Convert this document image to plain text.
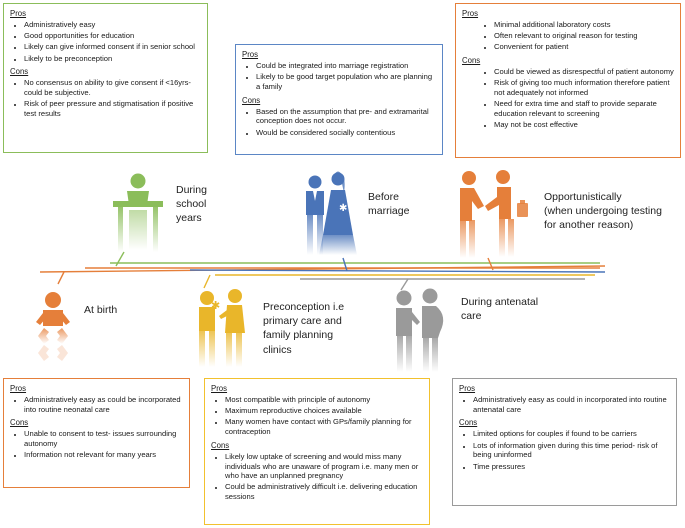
Pros
• Administratively easy
• Good opportunities for education
• Likely can give informed consent if in senior school
• Likely to be preconception
Cons
• No consensus on ability to give consent if <16yrs- could be subjective.
• Risk of peer pressure and stigmatisation if positive test results
Pros
• Could be integrated into marriage registration
• Likely to be good target population who are planning a family
Cons
• Based on the assumption that pre- and extramarital conception does not occur.
• Would be considered socially contentious
Pros
• Minimal additional laboratory costs
• Often relevant to original reason for testing
• Convenient for patient
Cons
• Could be viewed as disrespectful of patient autonomy
• Risk of giving too much information therefore patient not adequately not informed
• Need for extra time and staff to provide separate education relevant to screening
• May not be cost effective
Pros
• Administratively easy as could be incorporated into routine neonatal care
Cons
• Unable to consent to test- issues surrounding autonomy
• Information not relevant for many years
Pros
• Most compatible with principle of autonomy
• Maximum reproductive choices available
• Many women have contact with GPs/family planning for contraception
Cons
• Likely low uptake of screening and would miss many individuals who are unaware of program i.e. many men or who have an unplanned pregnancy
• Could be administratively difficult i.e. delivering education sessions
Pros
• Administratively easy as could in incorporated into routine antenatal care
Cons
• Limited options for couples if found to be carriers
• Lots of information given during this time period- risk of being uninformed
• Time pressures
✱
✱
During
school
years
Before
marriage
Opportunistically
(when undergoing testing
for another reason)
At birth	Preconception i.e
primary care and
family planning
clinics
During antenatal
care
